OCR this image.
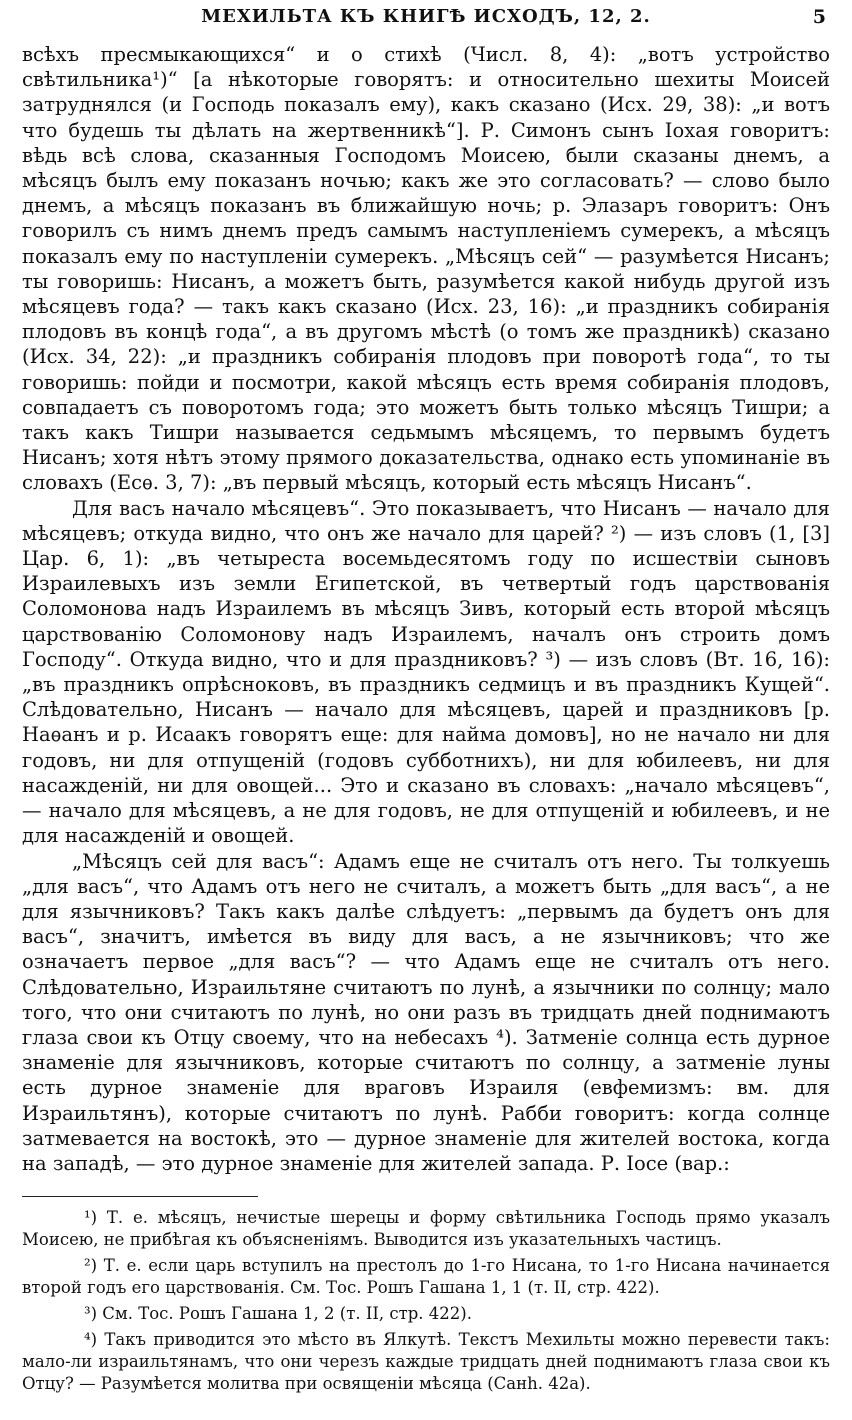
МЕХИЛЬТА КЪ КНИГѢ ИСХОДЪ, 12, 2.	5

всѣхъ пресмыкающихся“ и о стихѣ (Числ. 8, 4): „вотъ устройство свѣтильника¹)“ [а нѣкоторые говорятъ: и относительно шехиты Моисей затруднялся (и Господь показалъ ему), какъ сказано (Исх. 29, 38): „и вотъ что будешь ты дѣлать на жертвенникѣ“]. Р. Симонъ сынъ Іохая говоритъ: вѣдь всѣ слова, сказанныя Господомъ Моисею, были сказаны днемъ, а мѣсяцъ былъ ему показанъ ночью; какъ же это согласовать? — слово было днемъ, а мѣсяцъ показанъ въ ближайшую ночь; р. Элазаръ говоритъ: Онъ говорилъ съ нимъ днемъ предъ самымъ наступленіемъ сумерекъ, а мѣсяцъ показалъ ему по наступленіи сумерекъ. „Мѣсяцъ сей“ — разумѣется Нисанъ; ты говоришь: Нисанъ, а можетъ быть, разумѣется какой нибудь другой изъ мѣсяцевъ года? — такъ какъ сказано (Исх. 23, 16): „и праздникъ собиранія плодовъ въ концѣ года“, а въ другомъ мѣстѣ (о томъ же праздникѣ) сказано (Исх. 34, 22): „и праздникъ собиранія плодовъ при поворотѣ года“, то ты говоришь: пойди и посмотри, какой мѣсяцъ есть время собиранія плодовъ, совпадаетъ съ поворотомъ года; это можетъ быть только мѣсяцъ Тишри; а такъ какъ Тишри называется седьмымъ мѣсяцемъ, то первымъ будетъ Нисанъ; хотя нѣтъ этому прямого доказательства, однако есть упоминаніе въ словахъ (Есѳ. 3, 7): „въ первый мѣсяцъ, который есть мѣсяцъ Нисанъ“.

Для васъ начало мѣсяцевъ“. Это показываетъ, что Нисанъ — начало для мѣсяцевъ; откуда видно, что онъ же начало для царей? ²) — изъ словъ (1, [3] Цар. 6, 1): „въ четыреста восемьдесятомъ году по исшествіи сыновъ Израилевыхъ изъ земли Египетской, въ четвертый годъ царствованія Соломонова надъ Израилемъ въ мѣсяцъ Зивъ, который есть второй мѣсяцъ царствованію Соломонову надъ Израилемъ, началъ онъ строить домъ Господу“. Откуда видно, что и для праздниковъ? ³) — изъ словъ (Вт. 16, 16): „въ праздникъ опрѣсноковъ, въ праздникъ седмицъ и въ праздникъ Кущей“. Слѣдовательно, Нисанъ — начало для мѣсяцевъ, царей и праздниковъ [р. Наѳанъ и р. Исаакъ говорятъ еще: для найма домовъ], но не начало ни для годовъ, ни для отпущеній (годовъ субботнихъ), ни для юбилеевъ, ни для насажденій, ни для овощей... Это и сказано въ словахъ: „начало мѣсяцевъ“, — начало для мѣсяцевъ, а не для годовъ, не для отпущеній и юбилеевъ, и не для насажденій и овощей.

„Мѣсяцъ сей для васъ“: Адамъ еще не считалъ отъ него. Ты толкуешь „для васъ“, что Адамъ отъ него не считалъ, а можетъ быть „для васъ“, а не для язычниковъ? Такъ какъ далѣе слѣдуетъ: „первымъ да будетъ онъ для васъ“, значитъ, имѣется въ виду для васъ, а не язычниковъ; что же означаетъ первое „для васъ“? — что Адамъ еще не считалъ отъ него. Слѣдовательно, Израильтяне считаютъ по лунѣ, а язычники по солнцу; мало того, что они считаютъ по лунѣ, но они разъ въ тридцать дней поднимаютъ глаза свои къ Отцу своему, что на небесахъ ⁴). Затменіе солнца есть дурное знаменіе для язычниковъ, которые считаютъ по солнцу, а затменіе луны есть дурное знаменіе для враговъ Израиля (евфемизмъ: вм. для Израильтянъ), которые считаютъ по лунѣ. Рабби говоритъ: когда солнце затмевается на востокѣ, это — дурное знаменіе для жителей востока, когда на западѣ, — это дурное знаменіе для жителей запада. Р. Іосе (вар.:

¹) Т. е. мѣсяцъ, нечистые шерецы и форму свѣтильника Господь прямо указалъ Моисею, не прибѣгая къ объясненіямъ. Выводится изъ указательныхъ частицъ.

²) Т. е. если царь вступилъ на престолъ до 1-го Нисана, то 1-го Нисана начинается второй годъ его царствованія. См. Тос. Рошъ Гашана 1, 1 (т. II, стр. 422).

³) См. Тос. Рошъ Гашана 1, 2 (т. II, стр. 422).

⁴) Такъ приводится это мѣсто въ Ялкутѣ. Текстъ Мехильты можно перевести такъ: мало-ли израильтянамъ, что они черезъ каждые тридцать дней поднимаютъ глаза свои къ Отцу? — Разумѣется молитва при освященіи мѣсяца (Санh. 42а).
